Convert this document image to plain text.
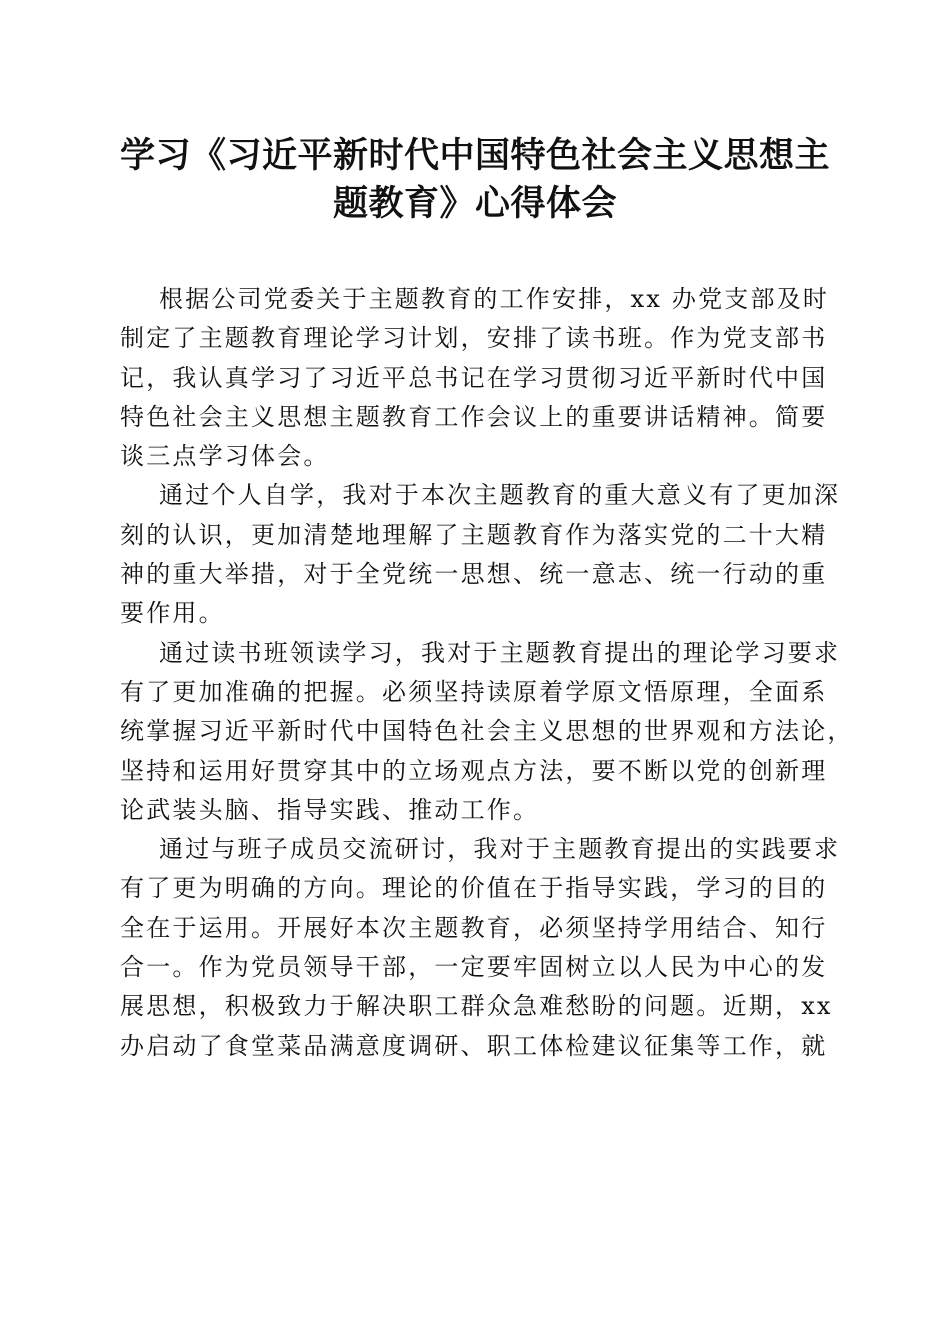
学习《习近平新时代中国特色社会主义思想主
题教育》心得体会

根据公司党委关于主题教育的工作安排，xx 办党支部及时
制定了主题教育理论学习计划，安排了读书班。作为党支部书
记，我认真学习了习近平总书记在学习贯彻习近平新时代中国
特色社会主义思想主题教育工作会议上的重要讲话精神。简要
谈三点学习体会。

通过个人自学，我对于本次主题教育的重大意义有了更加深
刻的认识，更加清楚地理解了主题教育作为落实党的二十大精
神的重大举措，对于全党统一思想、统一意志、统一行动的重
要作用。

通过读书班领读学习，我对于主题教育提出的理论学习要求
有了更加准确的把握。必须坚持读原着学原文悟原理，全面系
统掌握习近平新时代中国特色社会主义思想的世界观和方法论，
坚持和运用好贯穿其中的立场观点方法，要不断以党的创新理
论武装头脑、指导实践、推动工作。

通过与班子成员交流研讨，我对于主题教育提出的实践要求
有了更为明确的方向。理论的价值在于指导实践，学习的目的
全在于运用。开展好本次主题教育，必须坚持学用结合、知行
合一。作为党员领导干部，一定要牢固树立以人民为中心的发
展思想，积极致力于解决职工群众急难愁盼的问题。近期，xx
办启动了食堂菜品满意度调研、职工体检建议征集等工作，就
